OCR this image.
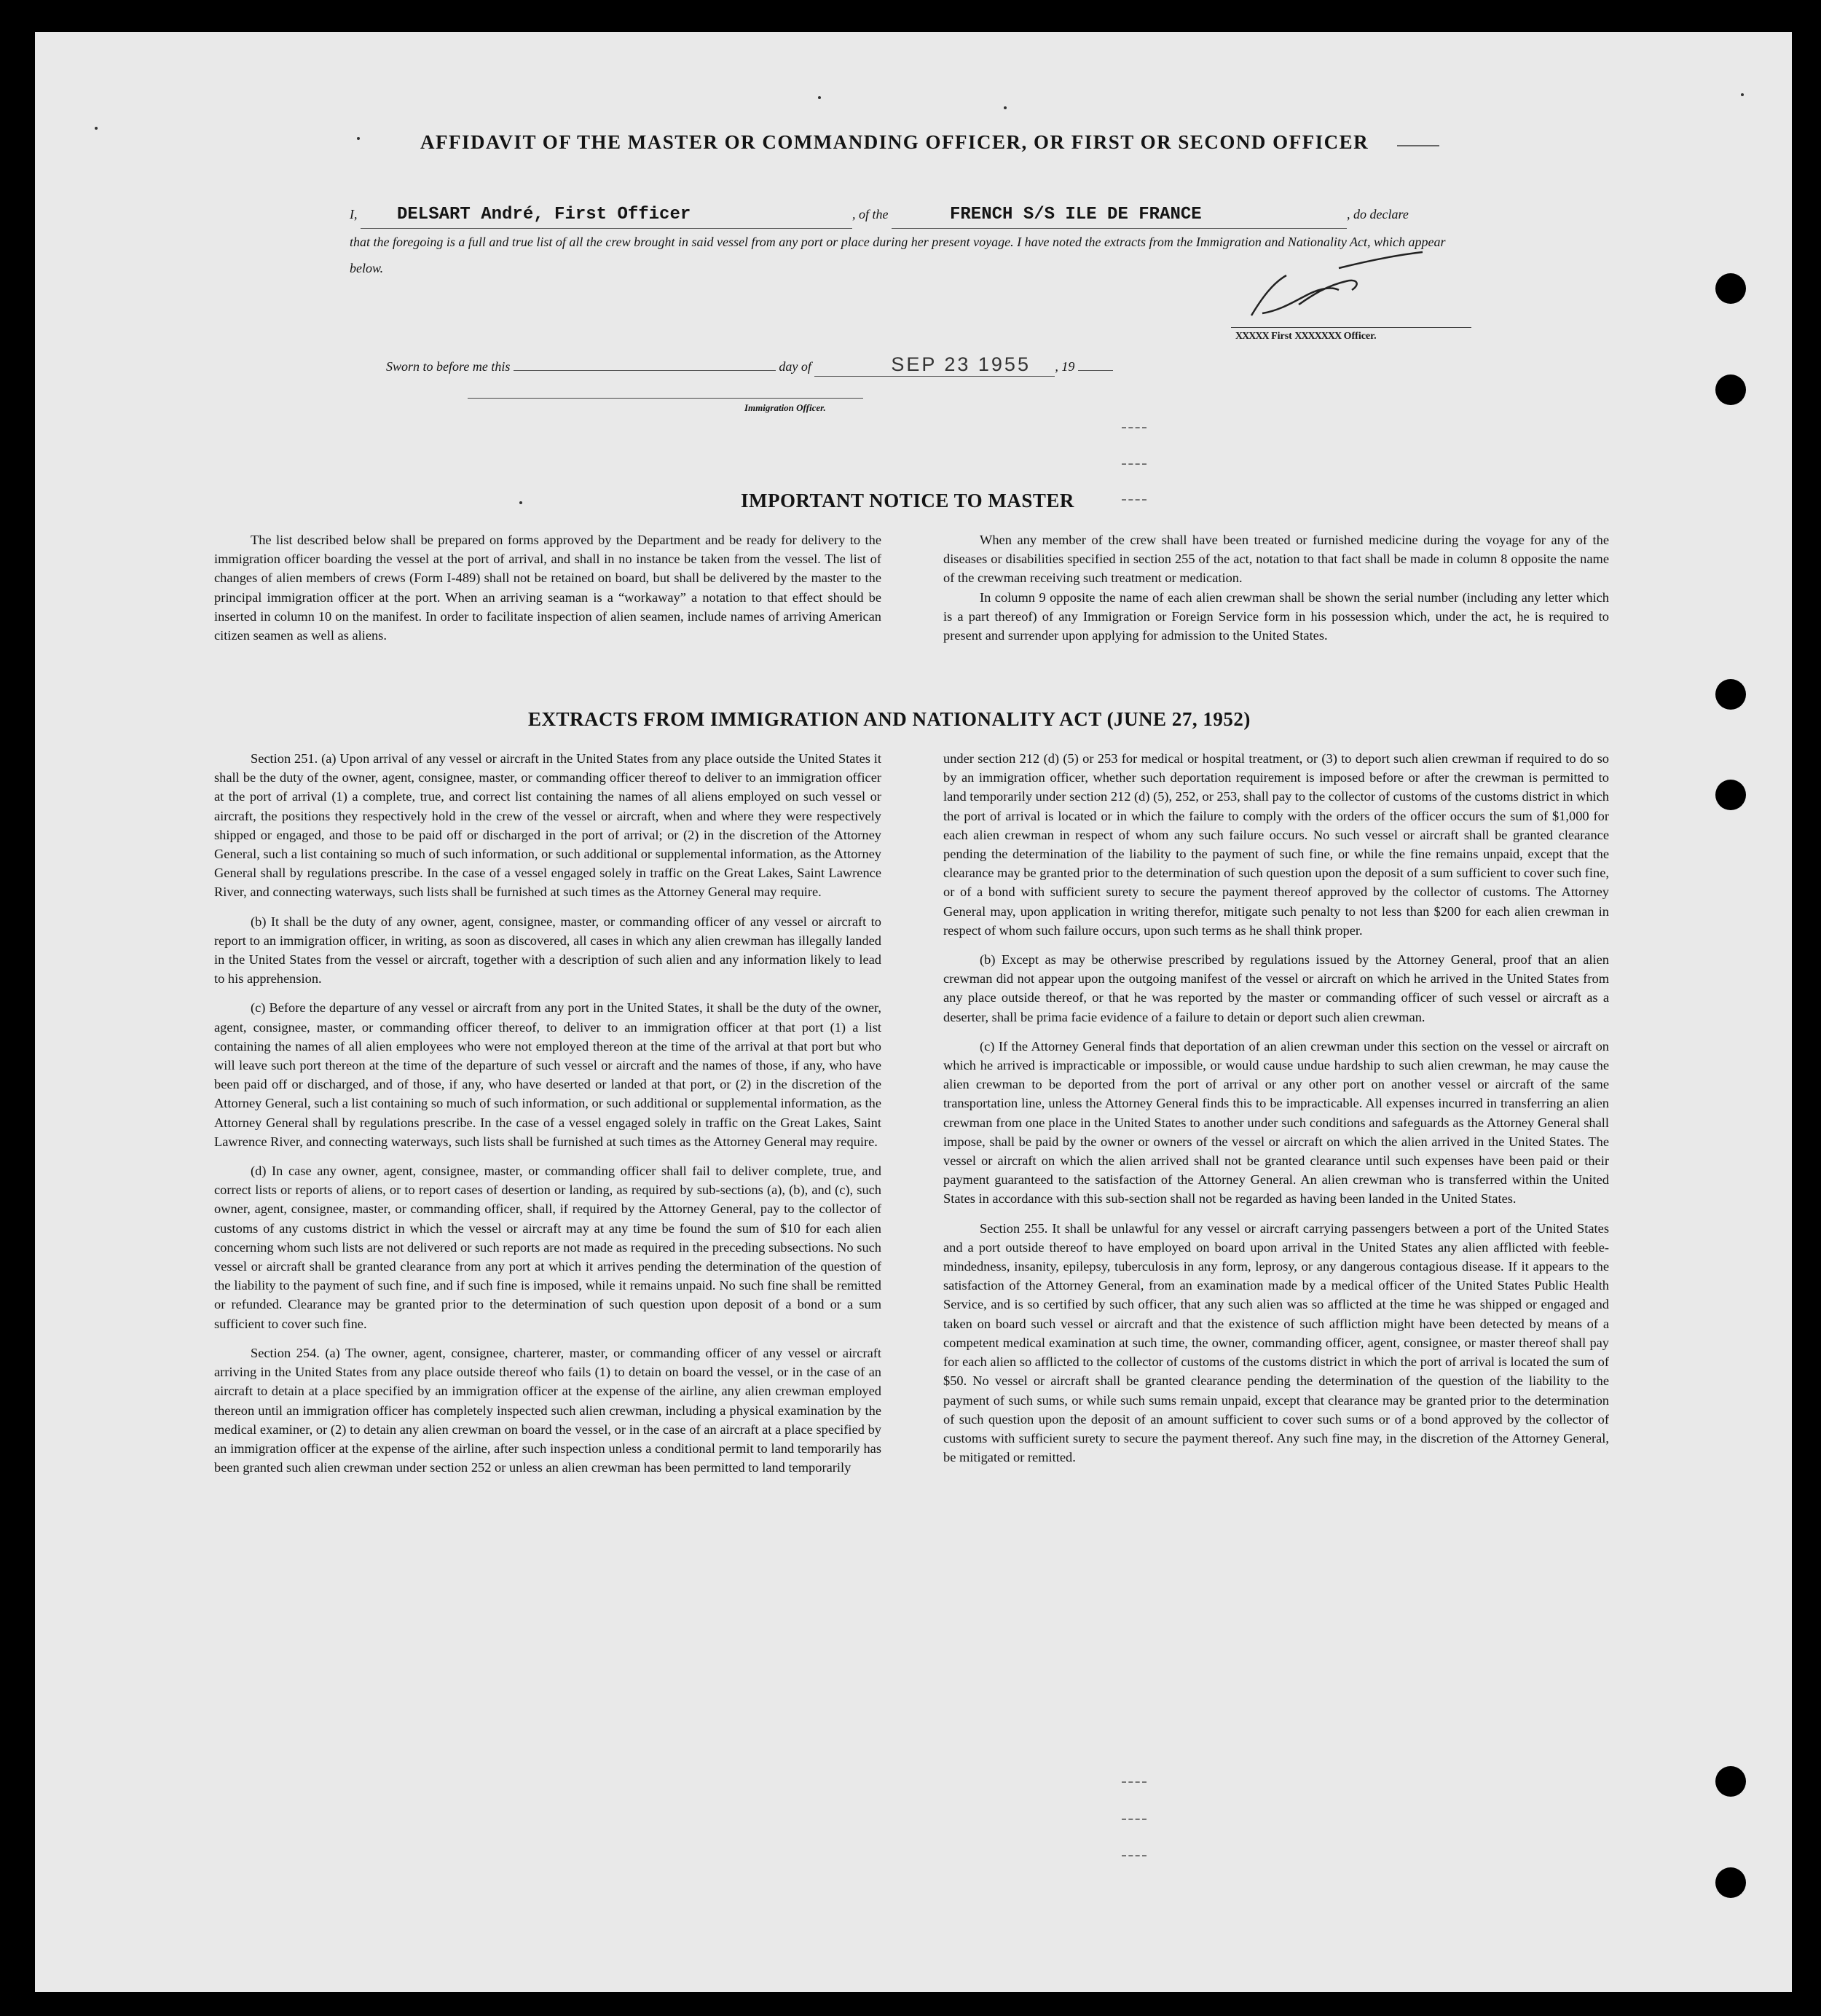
AFFIDAVIT OF THE MASTER OR COMMANDING OFFICER, OR FIRST OR SECOND OFFICER
I, DELSART André, First Officer	, of the	FRENCH S/S ILE DE FRANCE	, do declare
that the foregoing is a full and true list of all the crew brought in said vessel from any port or place during her present voyage. I have noted the extracts from the Immigration and Nationality Act, which appear below.
XXXXX First XXXXXXX Officer.
Sworn to before me this	day of	SEP 23 1955 , 19
Immigration Officer.
IMPORTANT NOTICE TO MASTER

The list described below shall be prepared on forms approved by the Department and be ready for delivery to the immigration officer boarding the vessel at the port of arrival, and shall in no instance be taken from the vessel. The list of changes of alien members of crews (Form I-489) shall not be retained on board, but shall be delivered by the master to the principal immigration officer at the port. When an arriving seaman is a “workaway” a notation to that effect should be inserted in column 10 on the manifest. In order to facilitate inspection of alien seamen, include names of arriving American citizen seamen as well as aliens.

When any member of the crew shall have been treated or furnished medicine during the voyage for any of the diseases or disabilities specified in section 255 of the act, notation to that fact shall be made in column 8 opposite the name of the crewman receiving such treatment or medication.

In column 9 opposite the name of each alien crewman shall be shown the serial number (including any letter which is a part thereof) of any Immigration or Foreign Service form in his possession which, under the act, he is required to present and surrender upon applying for admission to the United States.

EXTRACTS FROM IMMIGRATION AND NATIONALITY ACT (JUNE 27, 1952)

Section 251. (a) Upon arrival of any vessel or aircraft in the United States from any place outside the United States it shall be the duty of the owner, agent, consignee, master, or commanding officer thereof to deliver to an immigration officer at the port of arrival (1) a complete, true, and correct list containing the names of all aliens employed on such vessel or aircraft, the positions they respectively hold in the crew of the vessel or aircraft, when and where they were respectively shipped or engaged, and those to be paid off or discharged in the port of arrival; or (2) in the discretion of the Attorney General, such a list containing so much of such information, or such additional or supplemental information, as the Attorney General shall by regulations prescribe. In the case of a vessel engaged solely in traffic on the Great Lakes, Saint Lawrence River, and connecting waterways, such lists shall be furnished at such times as the Attorney General may require.

(b) It shall be the duty of any owner, agent, consignee, master, or commanding officer of any vessel or aircraft to report to an immigration officer, in writing, as soon as discovered, all cases in which any alien crewman has illegally landed in the United States from the vessel or aircraft, together with a description of such alien and any information likely to lead to his apprehension.

(c) Before the departure of any vessel or aircraft from any port in the United States, it shall be the duty of the owner, agent, consignee, master, or commanding officer thereof, to deliver to an immigration officer at that port (1) a list containing the names of all alien employees who were not employed thereon at the time of the arrival at that port but who will leave such port thereon at the time of the departure of such vessel or aircraft and the names of those, if any, who have been paid off or discharged, and of those, if any, who have deserted or landed at that port, or (2) in the discretion of the Attorney General, such a list containing so much of such information, or such additional or supplemental information, as the Attorney General shall by regulations prescribe. In the case of a vessel engaged solely in traffic on the Great Lakes, Saint Lawrence River, and connecting waterways, such lists shall be furnished at such times as the Attorney General may require.

(d) In case any owner, agent, consignee, master, or commanding officer shall fail to deliver complete, true, and correct lists or reports of aliens, or to report cases of desertion or landing, as required by sub-sections (a), (b), and (c), such owner, agent, consignee, master, or commanding officer, shall, if required by the Attorney General, pay to the collector of customs of any customs district in which the vessel or aircraft may at any time be found the sum of $10 for each alien concerning whom such lists are not delivered or such reports are not made as required in the preceding subsections. No such vessel or aircraft shall be granted clearance from any port at which it arrives pending the determination of the question of the liability to the payment of such fine, and if such fine is imposed, while it remains unpaid. No such fine shall be remitted or refunded. Clearance may be granted prior to the determination of such question upon deposit of a bond or a sum sufficient to cover such fine.

Section 254. (a) The owner, agent, consignee, charterer, master, or commanding officer of any vessel or aircraft arriving in the United States from any place outside thereof who fails (1) to detain on board the vessel, or in the case of an aircraft to detain at a place specified by an immigration officer at the expense of the airline, any alien crewman employed thereon until an immigration officer has completely inspected such alien crewman, including a physical examination by the medical examiner, or (2) to detain any alien crewman on board the vessel, or in the case of an aircraft at a place specified by an immigration officer at the expense of the airline, after such inspection unless a conditional permit to land temporarily has been granted such alien crewman under section 252 or unless an alien crewman has been permitted to land temporarily

under section 212 (d) (5) or 253 for medical or hospital treatment, or (3) to deport such alien crewman if required to do so by an immigration officer, whether such deportation requirement is imposed before or after the crewman is permitted to land temporarily under section 212 (d) (5), 252, or 253, shall pay to the collector of customs of the customs district in which the port of arrival is located or in which the failure to comply with the orders of the officer occurs the sum of $1,000 for each alien crewman in respect of whom any such failure occurs. No such vessel or aircraft shall be granted clearance pending the determination of the liability to the payment of such fine, or while the fine remains unpaid, except that the clearance may be granted prior to the determination of such question upon the deposit of a sum sufficient to cover such fine, or of a bond with sufficient surety to secure the payment thereof approved by the collector of customs. The Attorney General may, upon application in writing therefor, mitigate such penalty to not less than $200 for each alien crewman in respect of whom such failure occurs, upon such terms as he shall think proper.

(b) Except as may be otherwise prescribed by regulations issued by the Attorney General, proof that an alien crewman did not appear upon the outgoing manifest of the vessel or aircraft on which he arrived in the United States from any place outside thereof, or that he was reported by the master or commanding officer of such vessel or aircraft as a deserter, shall be prima facie evidence of a failure to detain or deport such alien crewman.

(c) If the Attorney General finds that deportation of an alien crewman under this section on the vessel or aircraft on which he arrived is impracticable or impossible, or would cause undue hardship to such alien crewman, he may cause the alien crewman to be deported from the port of arrival or any other port on another vessel or aircraft of the same transportation line, unless the Attorney General finds this to be impracticable. All expenses incurred in transferring an alien crewman from one place in the United States to another under such conditions and safeguards as the Attorney General shall impose, shall be paid by the owner or owners of the vessel or aircraft on which the alien arrived in the United States. The vessel or aircraft on which the alien arrived shall not be granted clearance until such expenses have been paid or their payment guaranteed to the satisfaction of the Attorney General. An alien crewman who is transferred within the United States in accordance with this sub-section shall not be regarded as having been landed in the United States.

Section 255. It shall be unlawful for any vessel or aircraft carrying passengers between a port of the United States and a port outside thereof to have employed on board upon arrival in the United States any alien afflicted with feeble-mindedness, insanity, epilepsy, tuberculosis in any form, leprosy, or any dangerous contagious disease. If it appears to the satisfaction of the Attorney General, from an examination made by a medical officer of the United States Public Health Service, and is so certified by such officer, that any such alien was so afflicted at the time he was shipped or engaged and taken on board such vessel or aircraft and that the existence of such affliction might have been detected by means of a competent medical examination at such time, the owner, commanding officer, agent, consignee, or master thereof shall pay for each alien so afflicted to the collector of customs of the customs district in which the port of arrival is located the sum of $50. No vessel or aircraft shall be granted clearance pending the determination of the question of the liability to the payment of such sums, or while such sums remain unpaid, except that clearance may be granted prior to the determination of such question upon the deposit of an amount sufficient to cover such sums or of a bond approved by the collector of customs with sufficient surety to secure the payment thereof. Any such fine may, in the discretion of the Attorney General, be mitigated or remitted.
